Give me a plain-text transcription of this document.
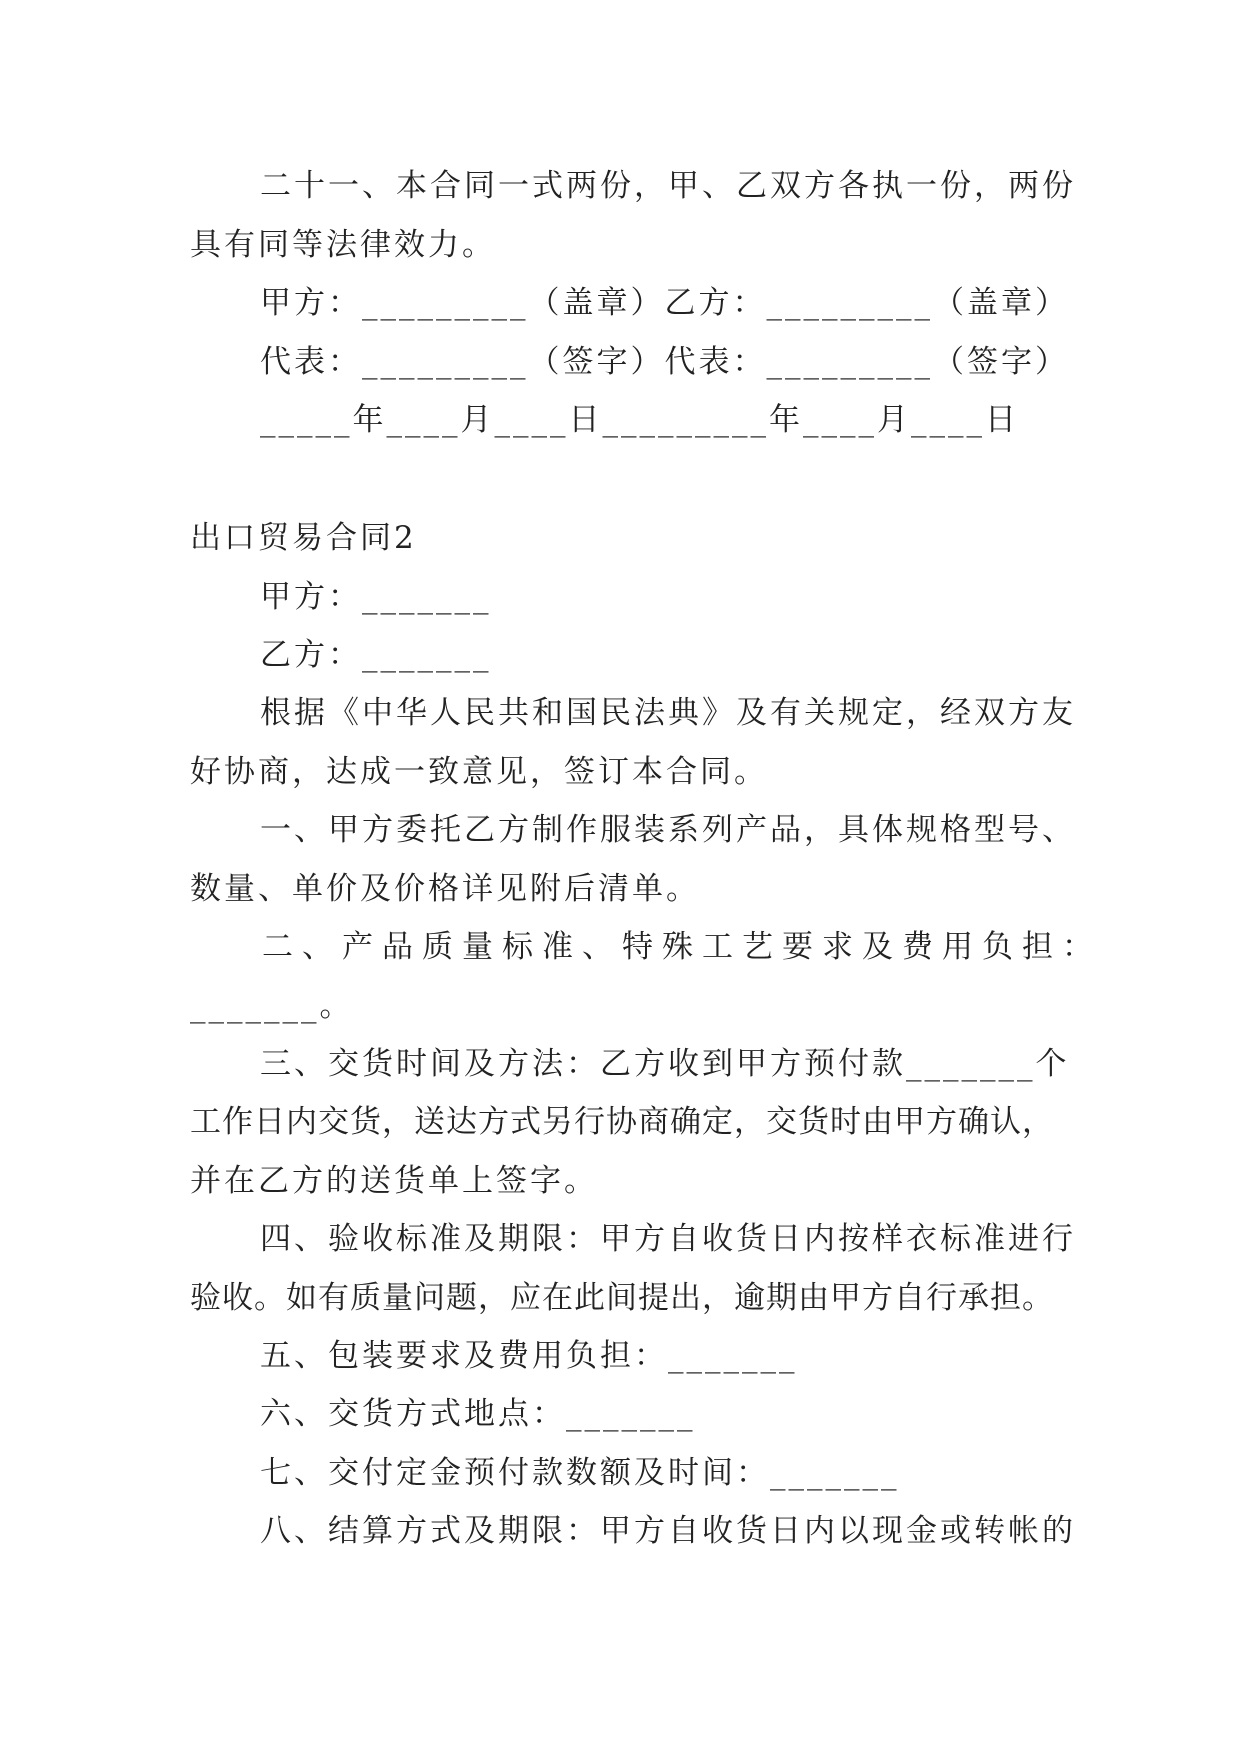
二十一、本合同一式两份，甲、乙双方各执一份，两份
具有同等法律效力。
甲方：_________（盖章）乙方：_________（盖章）
代表：_________（签字）代表：_________（签字）
_____年____月____日_________年____月____日
出口贸易合同2
甲方：_______
乙方：_______
根据《中华人民共和国民法典》及有关规定，经双方友
好协商，达成一致意见，签订本合同。
一、甲方委托乙方制作服装系列产品，具体规格型号、
数量、单价及价格详见附后清单。
二、产品质量标准、特殊工艺要求及费用负担：
_______。
三、交货时间及方法：乙方收到甲方预付款_______个
工作日内交货，送达方式另行协商确定，交货时由甲方确认，
并在乙方的送货单上签字。
四、验收标准及期限：甲方自收货日内按样衣标准进行
验收。如有质量问题，应在此间提出，逾期由甲方自行承担。
五、包装要求及费用负担：_______
六、交货方式地点：_______
七、交付定金预付款数额及时间：_______
八、结算方式及期限：甲方自收货日内以现金或转帐的
